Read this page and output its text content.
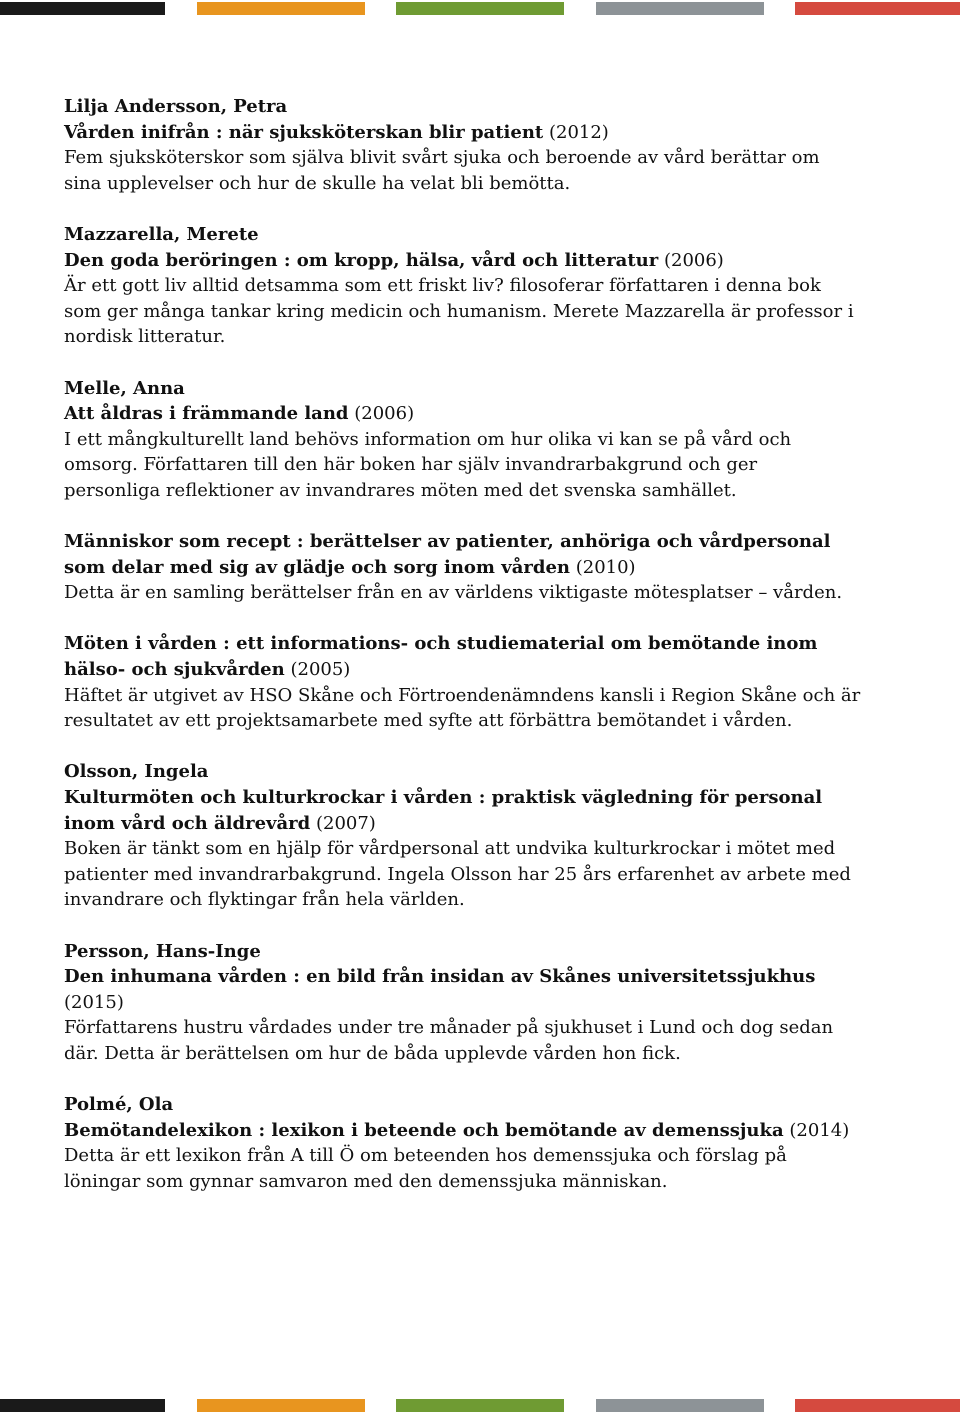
Lilja Andersson, Petra
Vården inifrån : när sjuksköterskan blir patient (2012)
Fem sjuksköterskor som själva blivit svårt sjuka och beroende av vård berättar om
sina upplevelser och hur de skulle ha velat bli bemötta.
Mazzarella, Merete
Den goda beröringen : om kropp, hälsa, vård och litteratur (2006)
Är ett gott liv alltid detsamma som ett friskt liv? filosoferar författaren i denna bok
som ger många tankar kring medicin och humanism. Merete Mazzarella är professor i
nordisk litteratur.
Melle, Anna
Att åldras i främmande land (2006)
I ett mångkulturellt land behövs information om hur olika vi kan se på vård och
omsorg. Författaren till den här boken har själv invandrarbakgrund och ger
personliga reflektioner av invandrares möten med det svenska samhället.
Människor som recept : berättelser av patienter, anhöriga och vårdpersonal
som delar med sig av glädje och sorg inom vården (2010)
Detta är en samling berättelser från en av världens viktigaste mötesplatser – vården.
Möten i vården : ett informations- och studiematerial om bemötande inom
hälso- och sjukvården (2005)
Häftet är utgivet av HSO Skåne och Förtroendenämndens kansli i Region Skåne och är
resultatet av ett projektsamarbete med syfte att förbättra bemötandet i vården.
Olsson, Ingela
Kulturmöten och kulturkrockar i vården : praktisk vägledning för personal
inom vård och äldrevård (2007)
Boken är tänkt som en hjälp för vårdpersonal att undvika kulturkrockar i mötet med
patienter med invandrarbakgrund. Ingela Olsson har 25 års erfarenhet av arbete med
invandrare och flyktingar från hela världen.
Persson, Hans-Inge
Den inhumana vården : en bild från insidan av Skånes universitetssjukhus
(2015)
Författarens hustru vårdades under tre månader på sjukhuset i Lund och dog sedan
där. Detta är berättelsen om hur de båda upplevde vården hon fick.
Polmé, Ola
Bemötandelexikon : lexikon i beteende och bemötande av demenssjuka (2014)
Detta är ett lexikon från A till Ö om beteenden hos demenssjuka och förslag på
löningar som gynnar samvaron med den demenssjuka människan.
